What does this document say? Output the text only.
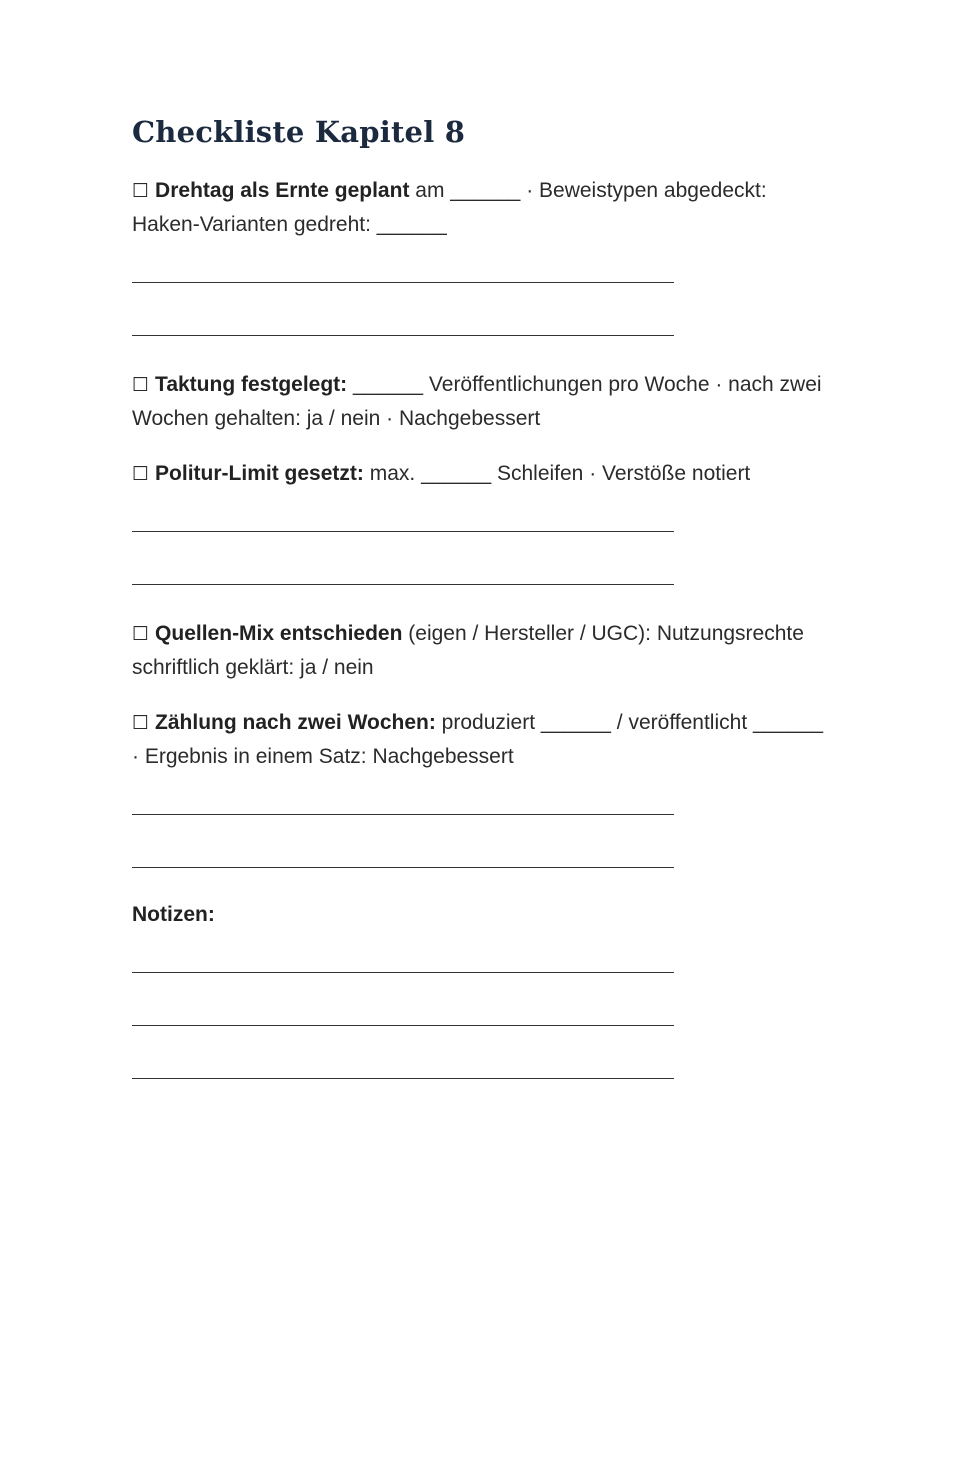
Checkliste Kapitel 8

☐ Drehtag als Ernte geplant am ______ · Beweistypen abgedeckt: Haken-Varianten gedreht: ______

☐ Taktung festgelegt: ______ Veröffentlichungen pro Woche · nach zwei Wochen gehalten: ja / nein · Nachgebessert

☐ Politur-Limit gesetzt: max. ______ Schleifen · Verstöße notiert

☐ Quellen-Mix entschieden (eigen / Hersteller / UGC): Nutzungsrechte schriftlich geklärt: ja / nein

☐ Zählung nach zwei Wochen: produziert ______ / veröffentlicht ______ · Ergebnis in einem Satz: Nachgebessert

Notizen:
